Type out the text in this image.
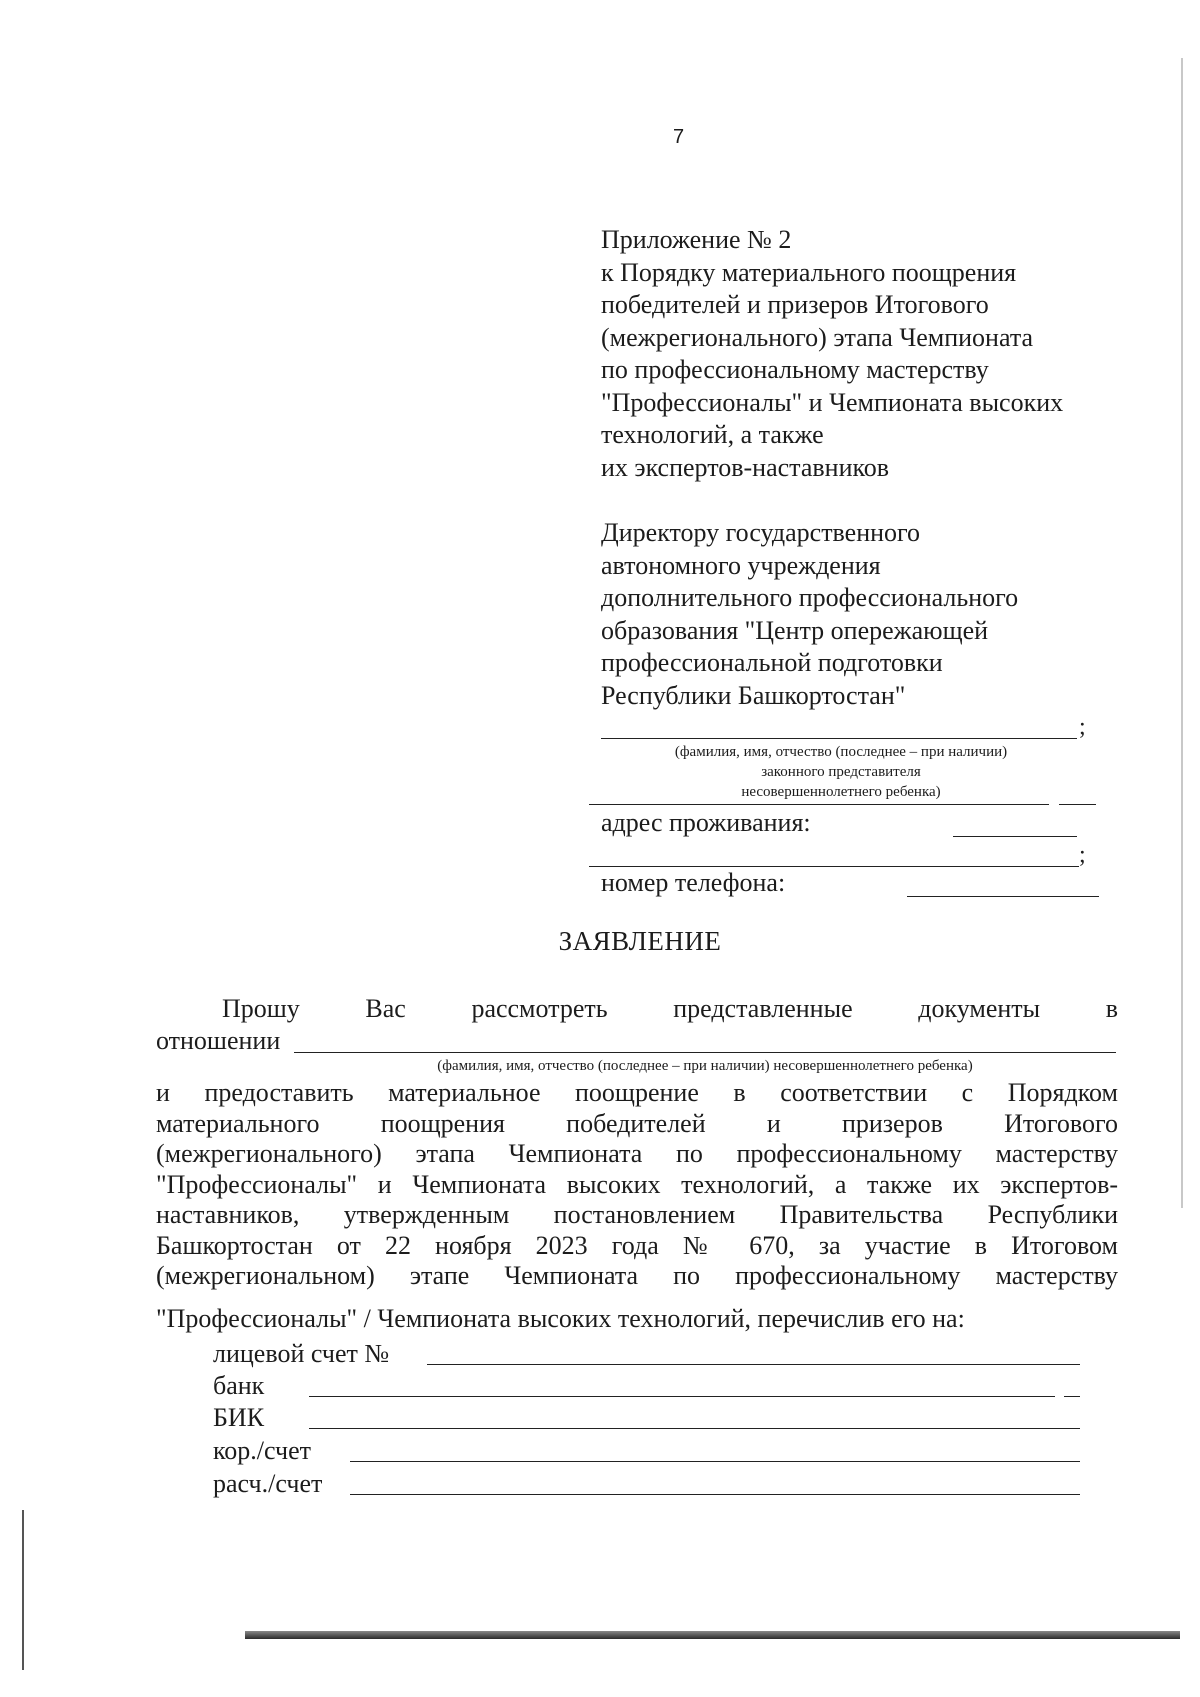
7
Приложение № 2
к Порядку материального поощрения
победителей и призеров Итогового
(межрегионального) этапа Чемпионата
по профессиональному мастерству
"Профессионалы" и Чемпионата высоких
технологий, а также
их экспертов-наставников
Директору государственного
автономного учреждения
дополнительного профессионального
образования "Центр опережающей
профессиональной подготовки
Республики Башкортостан"
;
(фамилия, имя, отчество (последнее – при наличии)
законного представителя
несовершеннолетнего ребенка)
адрес проживания:
;
номер телефона:
ЗАЯВЛЕНИЕ
Прошу	Вас	рассмотреть	представленные	документы	в
отношении
(фамилия, имя, отчество (последнее – при наличии) несовершеннолетнего ребенка)
и предоставить материальное поощрение в соответствии с Порядком
материального поощрения победителей и призеров Итогового
(межрегионального) этапа Чемпионата по профессиональному мастерству
"Профессионалы" и Чемпионата высоких технологий, а также их экспертов-
наставников, утвержденным постановлением Правительства Республики
Башкортостан от 22 ноября 2023 года № 670, за участие в Итоговом
(межрегиональном) этапе Чемпионата по профессиональному мастерству
"Профессионалы" / Чемпионата высоких технологий, перечислив его на:
лицевой счет №
банк
БИК
кор./счет
расч./счет
